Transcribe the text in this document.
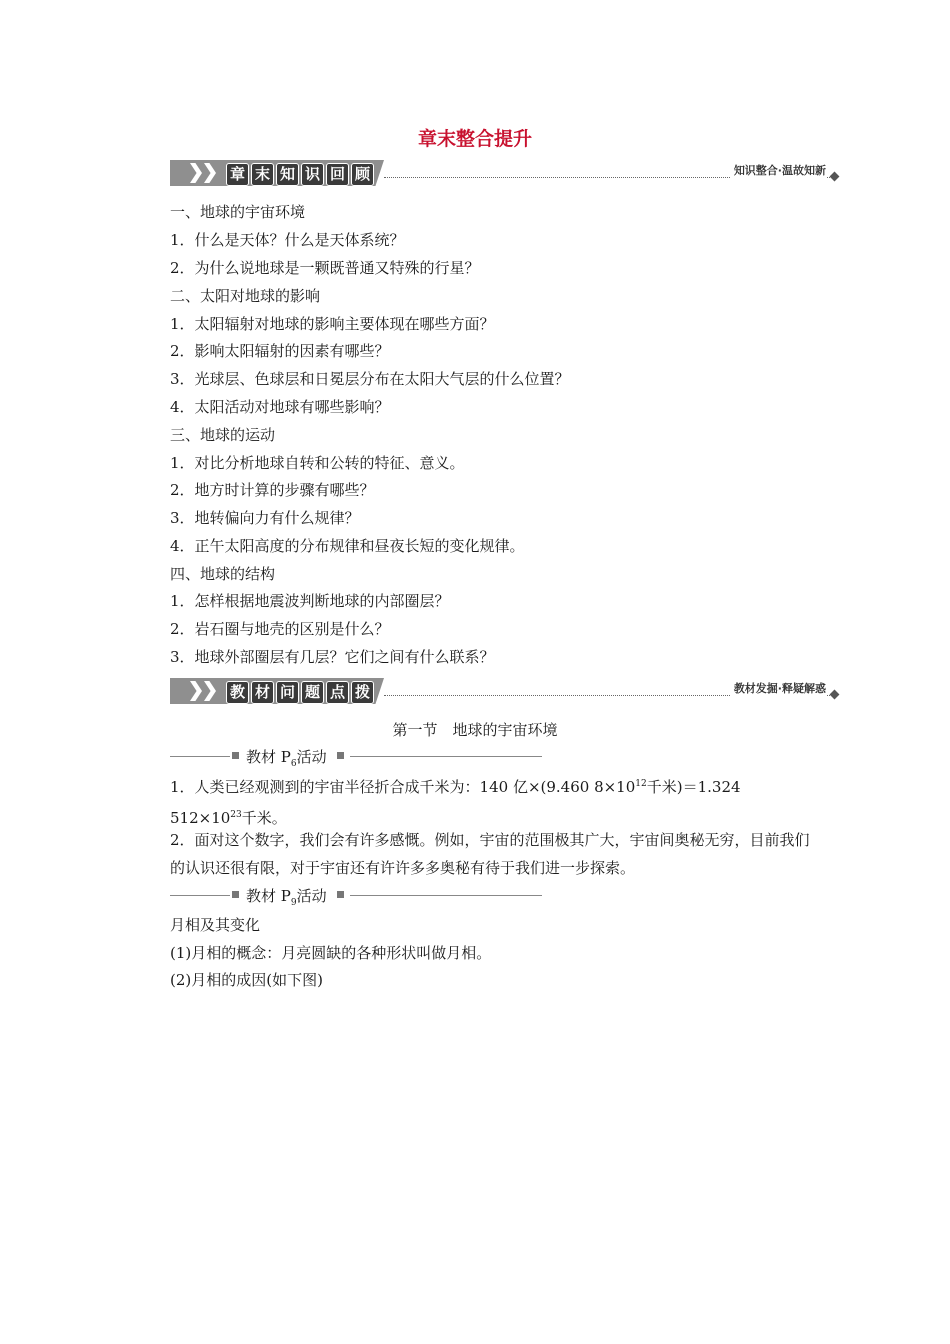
章末整合提升
章 末 知 识 回 顾	知识整合·温故知新
一、地球的宇宙环境
1．什么是天体？什么是天体系统？
2．为什么说地球是一颗既普通又特殊的行星？
二、太阳对地球的影响
1．太阳辐射对地球的影响主要体现在哪些方面？
2．影响太阳辐射的因素有哪些？
3．光球层、色球层和日冕层分布在太阳大气层的什么位置？
4．太阳活动对地球有哪些影响？
三、地球的运动
1．对比分析地球自转和公转的特征、意义。
2．地方时计算的步骤有哪些？
3．地转偏向力有什么规律？
4．正午太阳高度的分布规律和昼夜长短的变化规律。
四、地球的结构
1．怎样根据地震波判断地球的内部圈层？
2．岩石圈与地壳的区别是什么？
3．地球外部圈层有几层？它们之间有什么联系？
教 材 问 题 点 拨	教材发掘·释疑解惑
第一节　地球的宇宙环境
教材 $P_6$活动
1．人类已经观测到的宇宙半径折合成千米为：140 亿×(9.460 $8\times 10^{12}$千米)＝1.324 $512\times 10^{23}$千米。
2．面对这个数字，我们会有许多感慨。例如，宇宙的范围极其广大，宇宙间奥秘无穷，目前我们的认识还很有限，对于宇宙还有许许多多奥秘有待于我们进一步探索。
教材 $P_9$活动
月相及其变化
(1)月相的概念：月亮圆缺的各种形状叫做月相。
(2)月相的成因(如下图)
